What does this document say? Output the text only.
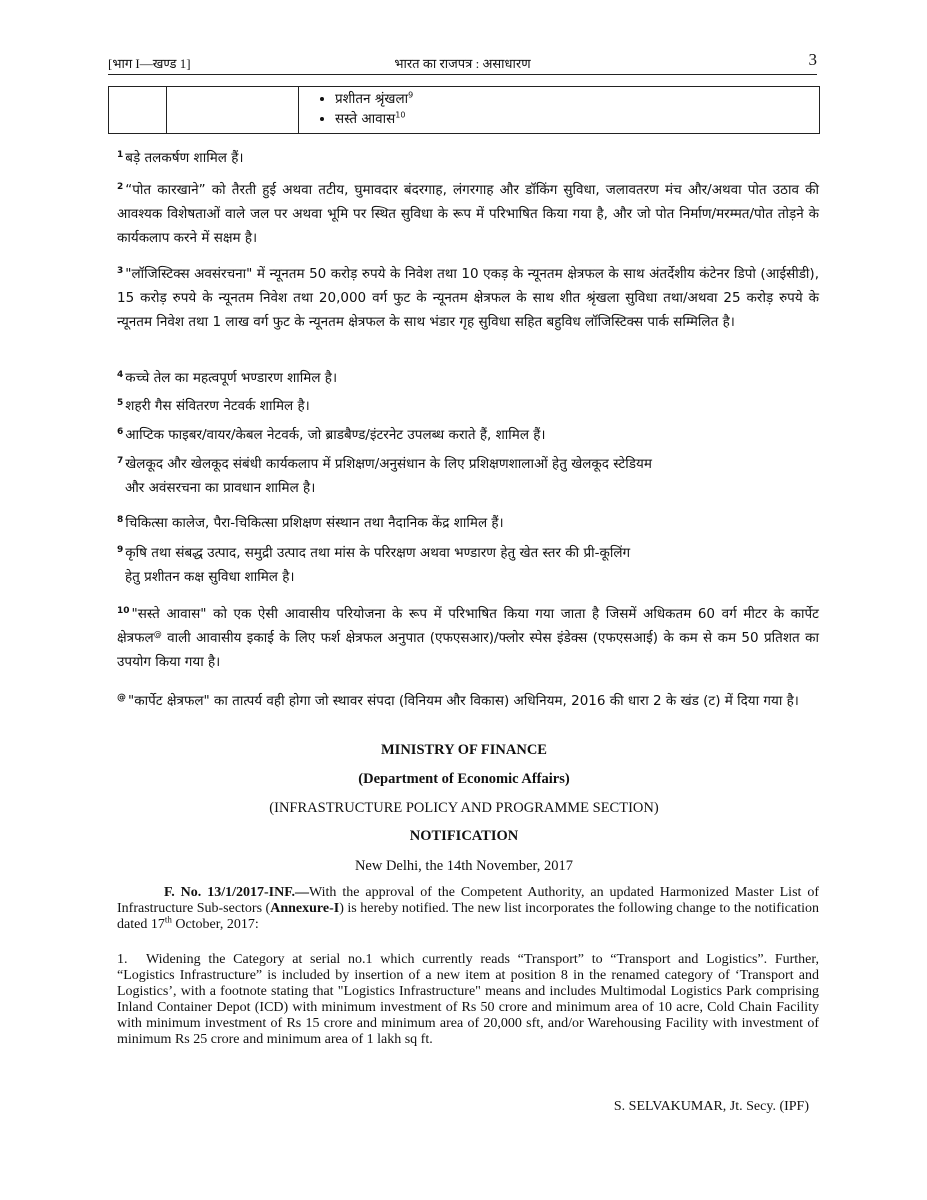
[भाग I—खण्ड 1]	भारत का राजपत्र : असाधारण	3

• प्रशीतन श्रृंखला$^9$
• सस्ते आवास$^{10}$
$^1$ बड़े तलकर्षण शामिल हैं।
$^2$ “पोत कारखाने” को तैरती हुई अथवा तटीय, घुमावदार बंदरगाह, लंगरगाह और डॉकिंग सुविधा, जलावतरण मंच और/अथवा पोत उठाव की आवश्यक विशेषताओं वाले जल पर अथवा भूमि पर स्थित सुविधा के रूप में परिभाषित किया गया है, और जो पोत निर्माण/मरम्मत/पोत तोड़ने के कार्यकलाप करने में सक्षम है।
$^3$ "लॉजिस्टिक्स अवसंरचना" में न्यूनतम 50 करोड़ रुपये के निवेश तथा 10 एकड़ के न्यूनतम क्षेत्रफल के साथ अंतर्देशीय कंटेनर डिपो (आईसीडी), 15 करोड़ रुपये के न्यूनतम निवेश तथा 20,000 वर्ग फुट के न्यूनतम क्षेत्रफल के साथ शीत श्रृंखला सुविधा तथा/अथवा 25 करोड़ रुपये के न्यूनतम निवेश तथा 1 लाख वर्ग फुट के न्यूनतम क्षेत्रफल के साथ भंडार गृह सुविधा सहित बहुविध लॉजिस्टिक्स पार्क सम्मिलित है।
$^4$ कच्चे तेल का महत्वपूर्ण भण्डारण शामिल है।
$^5$ शहरी गैस संवितरण नेटवर्क शामिल है।
$^6$ आप्टिक फाइबर/वायर/केबल नेटवर्क, जो ब्राडबैण्ड/इंटरनेट उपलब्ध कराते हैं, शामिल हैं।
$^7$ खेलकूद और खेलकूद संबंधी कार्यकलाप में प्रशिक्षण/अनुसंधान के लिए प्रशिक्षणशालाओं हेतु खेलकूद स्टेडियम
और अवंसरचना का प्रावधान शामिल है।
$^8$ चिकित्सा कालेज, पैरा-चिकित्सा प्रशिक्षण संस्थान तथा नैदानिक केंद्र शामिल हैं।
$^9$ कृषि तथा संबद्ध उत्पाद, समुद्री उत्पाद तथा मांस के परिरक्षण अथवा भण्डारण हेतु खेत स्तर की प्री-कूलिंग
हेतु प्रशीतन कक्ष सुविधा शामिल है।
$^{10}$ "सस्ते आवास" को एक ऐसी आवासीय परियोजना के रूप में परिभाषित किया गया जाता है जिसमें अधिकतम 60 वर्ग मीटर के कार्पेट क्षेत्रफल@ वाली आवासीय इकाई के लिए फर्श क्षेत्रफल अनुपात (एफएसआर)/फ्लोर स्पेस इंडेक्स (एफएसआई) के कम से कम 50 प्रतिशत का उपयोग किया गया है।
@ "कार्पेट क्षेत्रफल" का तात्पर्य वही होगा जो स्थावर संपदा (विनियम और विकास) अधिनियम, 2016 की धारा 2 के खंड (ट) में दिया गया है।
MINISTRY OF FINANCE
(Department of Economic Affairs)
(INFRASTRUCTURE POLICY AND PROGRAMME SECTION)
NOTIFICATION
New Delhi, the 14th November, 2017
F. No. 13/1/2017-INF.—With the approval of the Competent Authority, an updated Harmonized Master List of Infrastructure Sub-sectors (Annexure-I) is hereby notified. The new list incorporates the following change to the notification dated 17th October, 2017:
1. Widening the Category at serial no.1 which currently reads “Transport” to “Transport and Logistics”. Further, “Logistics Infrastructure” is included by insertion of a new item at position 8 in the renamed category of ‘Transport and Logistics’, with a footnote stating that "Logistics Infrastructure" means and includes Multimodal Logistics Park comprising Inland Container Depot (ICD) with minimum investment of Rs 50 crore and minimum area of 10 acre, Cold Chain Facility with minimum investment of Rs 15 crore and minimum area of 20,000 sft, and/or Warehousing Facility with investment of minimum Rs 25 crore and minimum area of 1 lakh sq ft.
S. SELVAKUMAR, Jt. Secy. (IPF)
